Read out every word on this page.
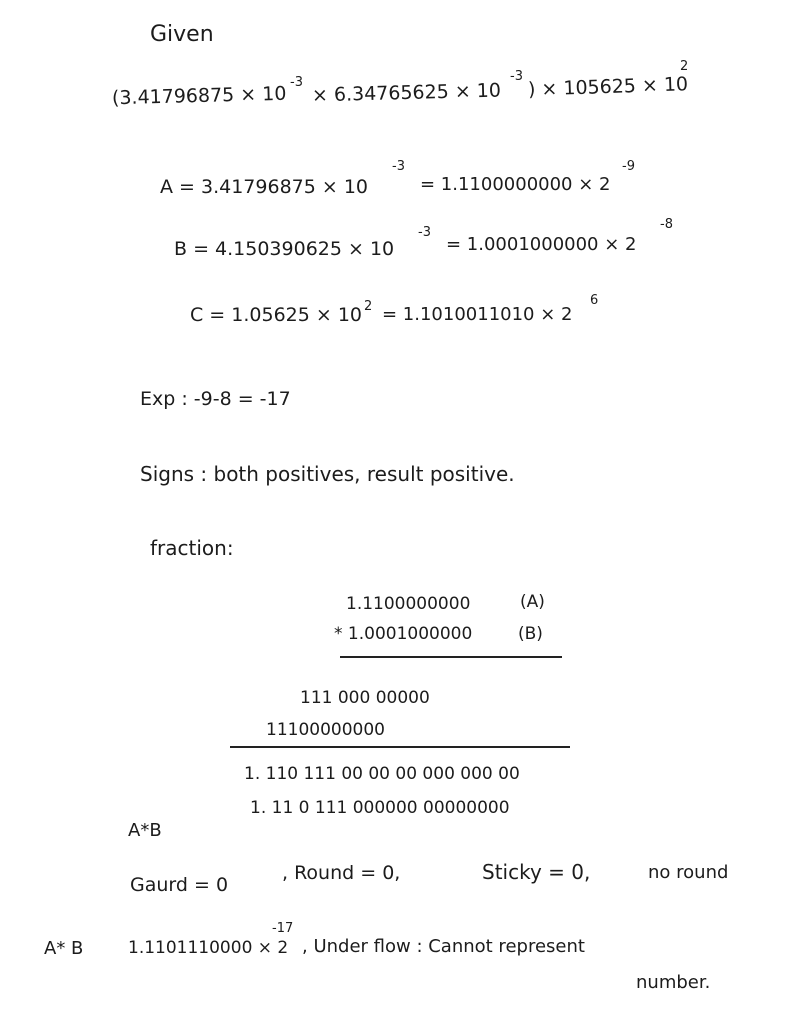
Given
(3.41796875 × 10
-3 × 6.34765625 × 10
-3 ) × 105625 × 10
2
A = 3.41796875 × 10
-3
= 1.1100000000 × 2
-9
B = 4.150390625 × 10
-3
= 1.0001000000 × 2
-8
C = 1.05625 × 10 2 = 1.1010011010 × 2
6
Exp : -9-8 = -17
Signs : both positives, result positive.
fraction:
1.1100000000	(A)
* 1.0001000000	(B)
111 000 00000
11100000000
1. 110 111 00 00 00 000 000 00
A*B
1. 11 0 111 000000 00000000
Gaurd = 0
, Round = 0,	Sticky = 0,	no round
A* B	1.1101110000 × 2
-17
, Under flow : Cannot represent
number.
